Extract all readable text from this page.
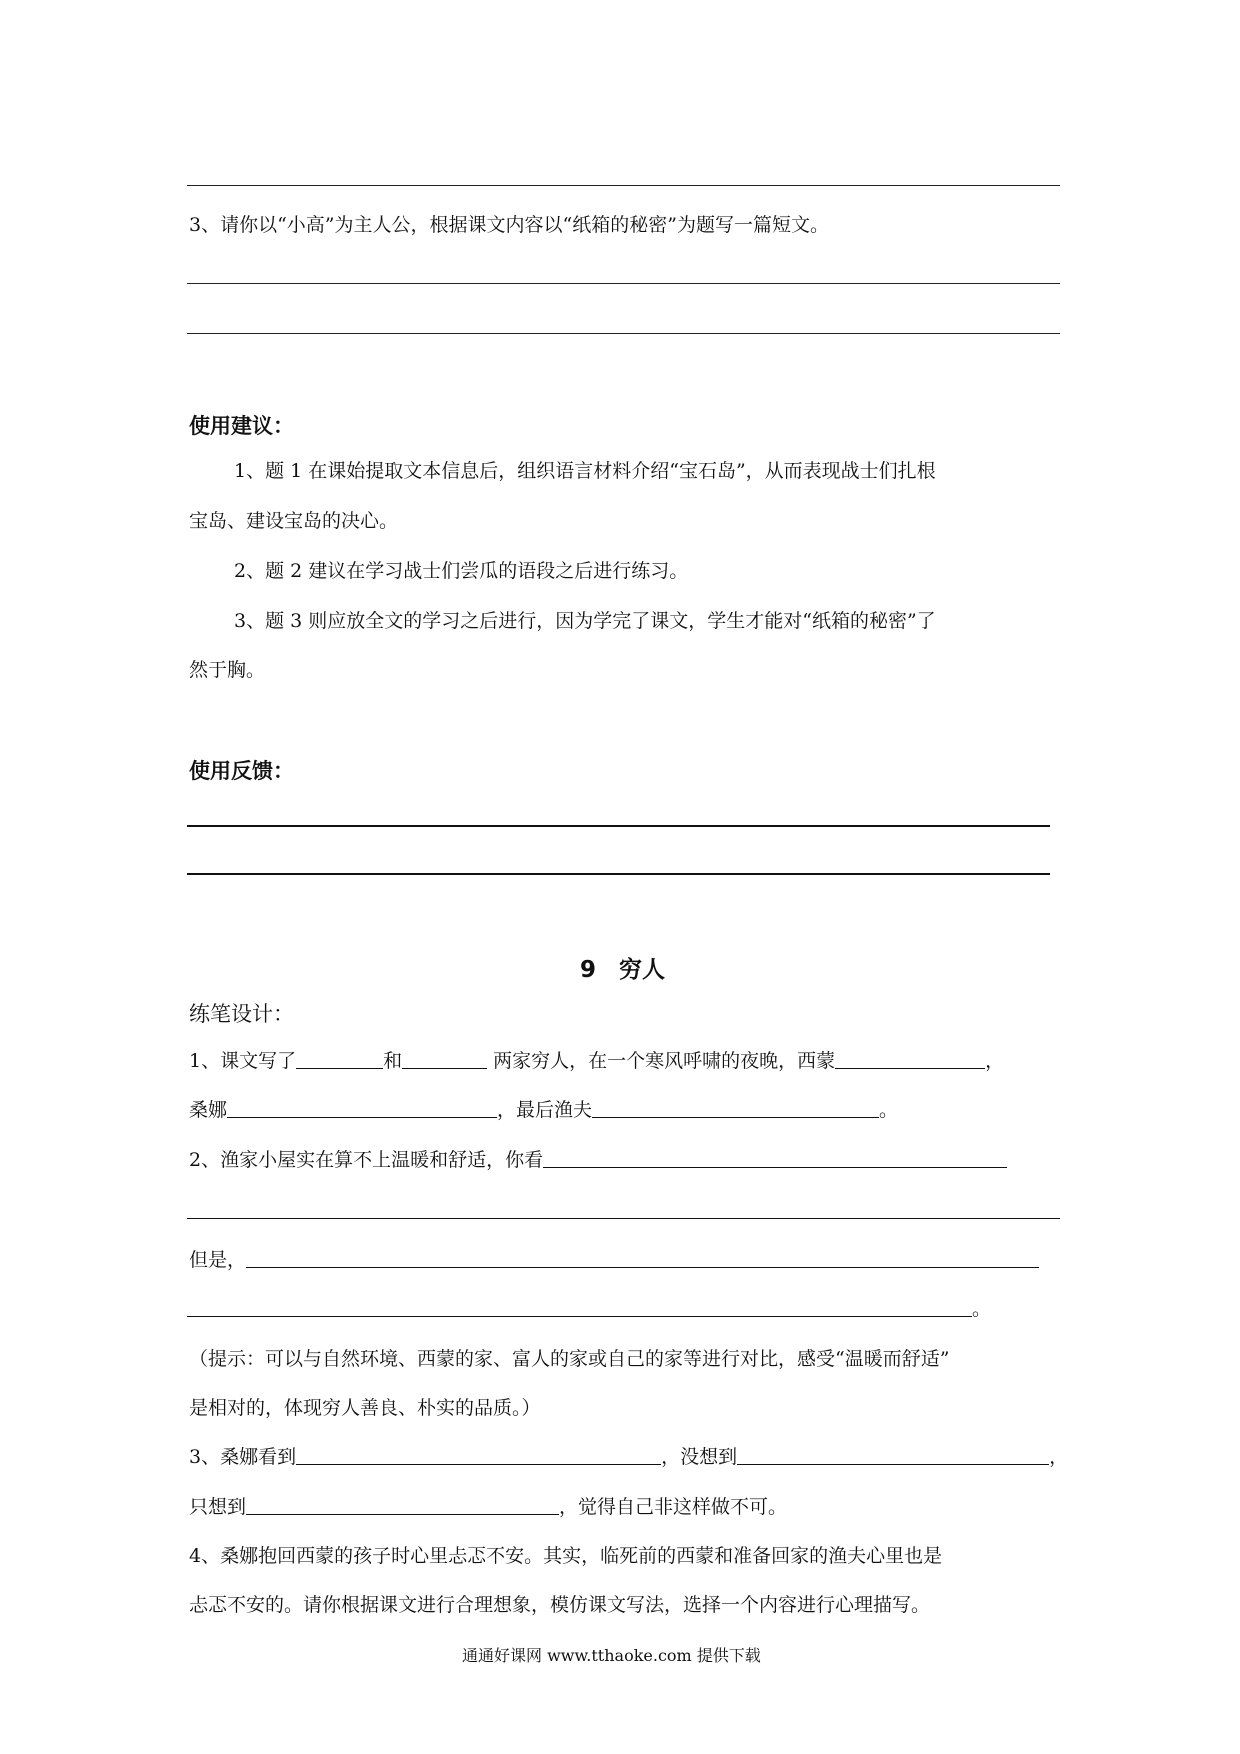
3、请你以“小高”为主人公，根据课文内容以“纸箱的秘密”为题写一篇短文。
使用建议：
1、题 1 在课始提取文本信息后，组织语言材料介绍“宝石岛”，从而表现战士们扎根
宝岛、建设宝岛的决心。
2、题 2 建议在学习战士们尝瓜的语段之后进行练习。
3、题 3 则应放全文的学习之后进行，因为学完了课文，学生才能对“纸箱的秘密”了
然于胸。
使用反馈：
9　穷人
练笔设计：
1、课文写了	和	两家穷人，在一个寒风呼啸的夜晚，西蒙	，
桑娜	，最后渔夫	。
2、渔家小屋实在算不上温暖和舒适，你看
但是，
。
（提示：可以与自然环境、西蒙的家、富人的家或自己的家等进行对比，感受“温暖而舒适”
是相对的，体现穷人善良、朴实的品质。）
3、桑娜看到	，没想到	，
只想到	，觉得自己非这样做不可。
4、桑娜抱回西蒙的孩子时心里忐忑不安。其实，临死前的西蒙和准备回家的渔夫心里也是
忐忑不安的。请你根据课文进行合理想象，模仿课文写法，选择一个内容进行心理描写。
通通好课网 www.tthaoke.com 提供下载
